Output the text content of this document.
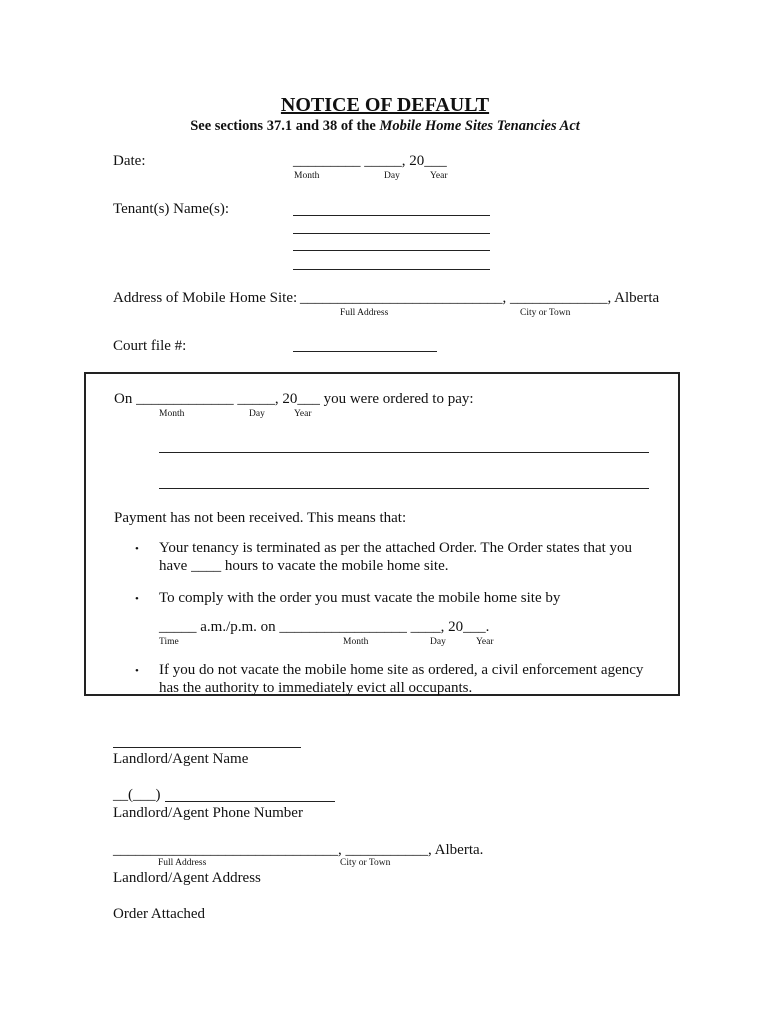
NOTICE OF DEFAULT
See sections 37.1 and 38 of the Mobile Home Sites Tenancies Act
Date:	_________ _____, 20___
Month	Day	Year
Tenant(s) Name(s):
Address of Mobile Home Site: ___________________________, _____________, Alberta
Full Address	City or Town
Court file #:
On _____________ _____, 20___ you were ordered to pay:
Month	Day	Year
Payment has not been received. This means that:
• Your tenancy is terminated as per the attached Order. The Order states that you
have ____ hours to vacate the mobile home site.
• To comply with the order you must vacate the mobile home site by
_____ a.m./p.m. on _________________ ____, 20___.
Time	Month	Day	Year
• If you do not vacate the mobile home site as ordered, a civil enforcement agency
has the authority to immediately evict all occupants.
Landlord/Agent Name
__(___)
Landlord/Agent Phone Number
______________________________, ___________, Alberta.
Full Address	City or Town
Landlord/Agent Address
Order Attached
